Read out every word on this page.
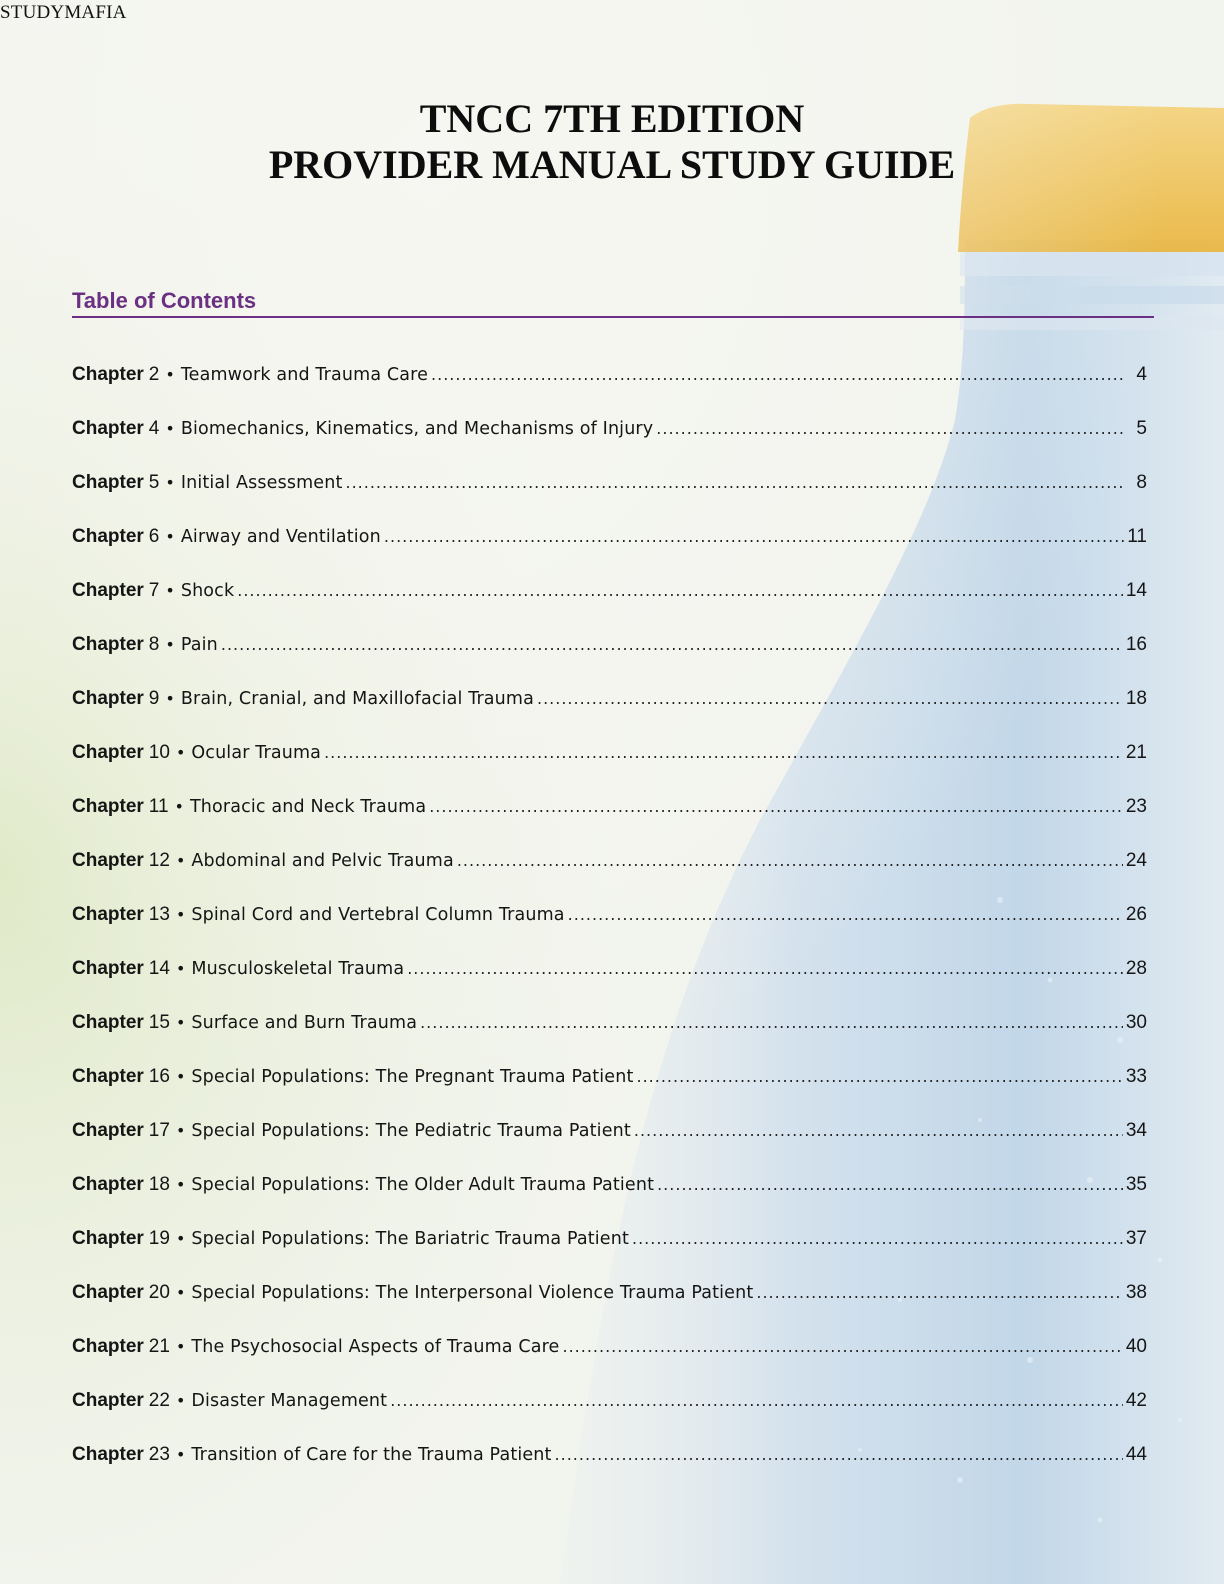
STUDYMAFIA
TNCC 7TH EDITION
PROVIDER MANUAL STUDY GUIDE
Table of Contents
Chapter 2 • Teamwork and Trauma Care .....	4
Chapter 4 • Biomechanics, Kinematics, and Mechanisms of Injury .....	5
Chapter 5 • Initial Assessment .....	8
Chapter 6 • Airway and Ventilation .....	11
Chapter 7 • Shock .....	14
Chapter 8 • Pain .....	16
Chapter 9 • Brain, Cranial, and Maxillofacial Trauma .....	18
Chapter 10 • Ocular Trauma .....	21
Chapter 11 • Thoracic and Neck Trauma .....	23
Chapter 12 • Abdominal and Pelvic Trauma .....	24
Chapter 13 • Spinal Cord and Vertebral Column Trauma .....	26
Chapter 14 • Musculoskeletal Trauma .....	28
Chapter 15 • Surface and Burn Trauma .....	30
Chapter 16 • Special Populations: The Pregnant Trauma Patient .....	33
Chapter 17 • Special Populations: The Pediatric Trauma Patient .....	34
Chapter 18 • Special Populations: The Older Adult Trauma Patient .....	35
Chapter 19 • Special Populations: The Bariatric Trauma Patient .....	37
Chapter 20 • Special Populations: The Interpersonal Violence Trauma Patient .....	38
Chapter 21 • The Psychosocial Aspects of Trauma Care .....	40
Chapter 22 • Disaster Management .....	42
Chapter 23 • Transition of Care for the Trauma Patient .....	44
